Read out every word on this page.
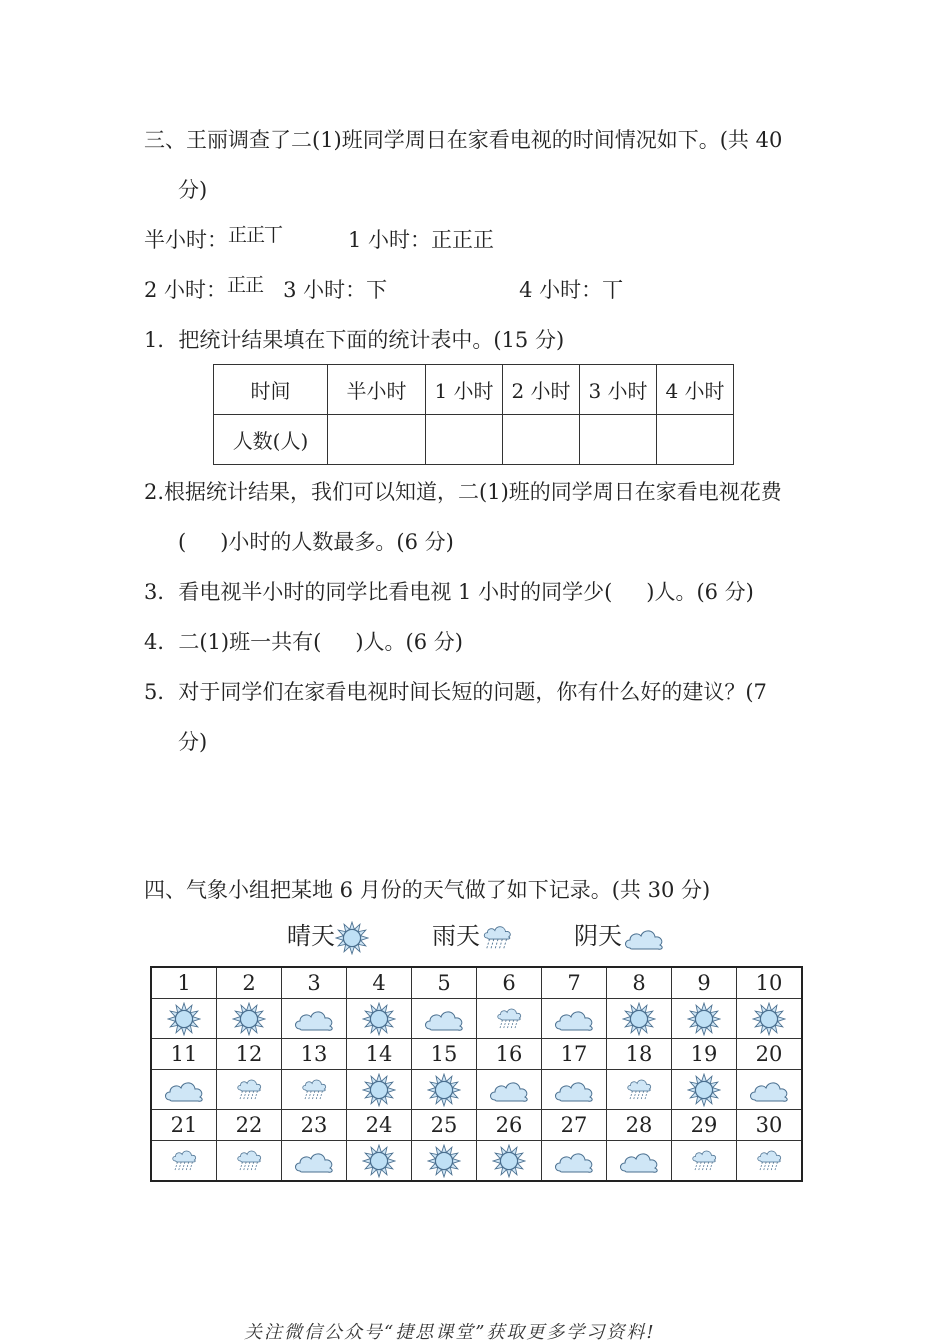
三、王丽调查了二(1)班同学周日在家看电视的时间情况如下。(共 40
分)
半小时：正正丅	1 小时：正正正
2 小时：正正 3 小时：下	4 小时：丅
1．把统计结果填在下面的统计表中。(15 分)
时间	半小时	1 小时	2 小时	3 小时	4 小时
人数(人)					
2.根据统计结果，我们可以知道，二(1)班的同学周日在家看电视花费
( )小时的人数最多。(6 分)
3．看电视半小时的同学比看电视 1 小时的同学少( )人。(6 分)
4．二(1)班一共有( )人。(6 分)
5．对于同学们在家看电视时间长短的问题，你有什么好的建议？(7
分)
四、气象小组把某地 6 月份的天气做了如下记录。(共 30 分)
晴天	雨天	阴天
1	2	3	4	5	6	7	8	9	10

11	12	13	14	15	16	17	18	19	20

21	22	23	24	25	26	27	28	29	30

关注微信公众号“捷思课堂”获取更多学习资料!
